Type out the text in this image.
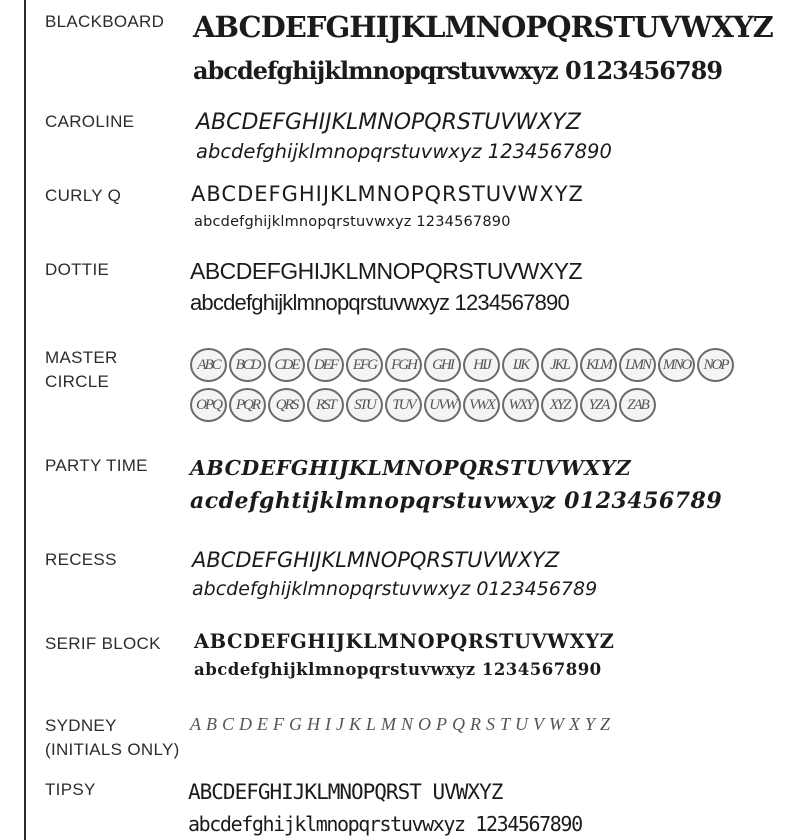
BLACKBOARD ABCDEFGHIJKLMNOPQRSTUVWXYZ
abcdefghijklmnopqrstuvwxyz 0123456789
CAROLINE	ABCDEFGHIJKLMNOPQRSTUVWXYZ
abcdefghijklmnopqrstuvwxyz 1234567890
CURLY Q	ABCDEFGHIJKLMNOPQRSTUVWXYZ
abcdefghijklmnopqrstuvwxyz 1234567890
DOTTIE	ABCDEFGHIJKLMNOPQRSTUVWXYZ
abcdefghijklmnopqrstuvwxyz 1234567890
MASTER
CIRCLE
ABC	BCD	CDE	DEF	EFG	FGH	GHI	HIJ	IJK	JKL	KLM LMN MNO NOP
OPQ	PQR	QRS	RST	STU	TUV UVW VWX WXY	XYZ	YZA	ZAB
PARTY TIME ABCDEFGHIJKLMNOPQRSTUVWXYZ
acdefghtijklmnopqrstuvwxyz 0123456789
RECESS	ABCDEFGHIJKLMNOPQRSTUVWXYZ
abcdefghijklmnopqrstuvwxyz 0123456789
SERIF BLOCK ABCDEFGHIJKLMNOPQRSTUVWXYZ
abcdefghijklmnopqrstuvwxyz 1234567890
SYDNEY
(INITIALS ONLY)
ABCDEFGHIJKLMNOPQRSTUVWXYZ
TIPSY	ABCDEFGHIJKLMNOPQRST UVWXYZ
abcdefghijklmnopqrstuvwxyz 1234567890
